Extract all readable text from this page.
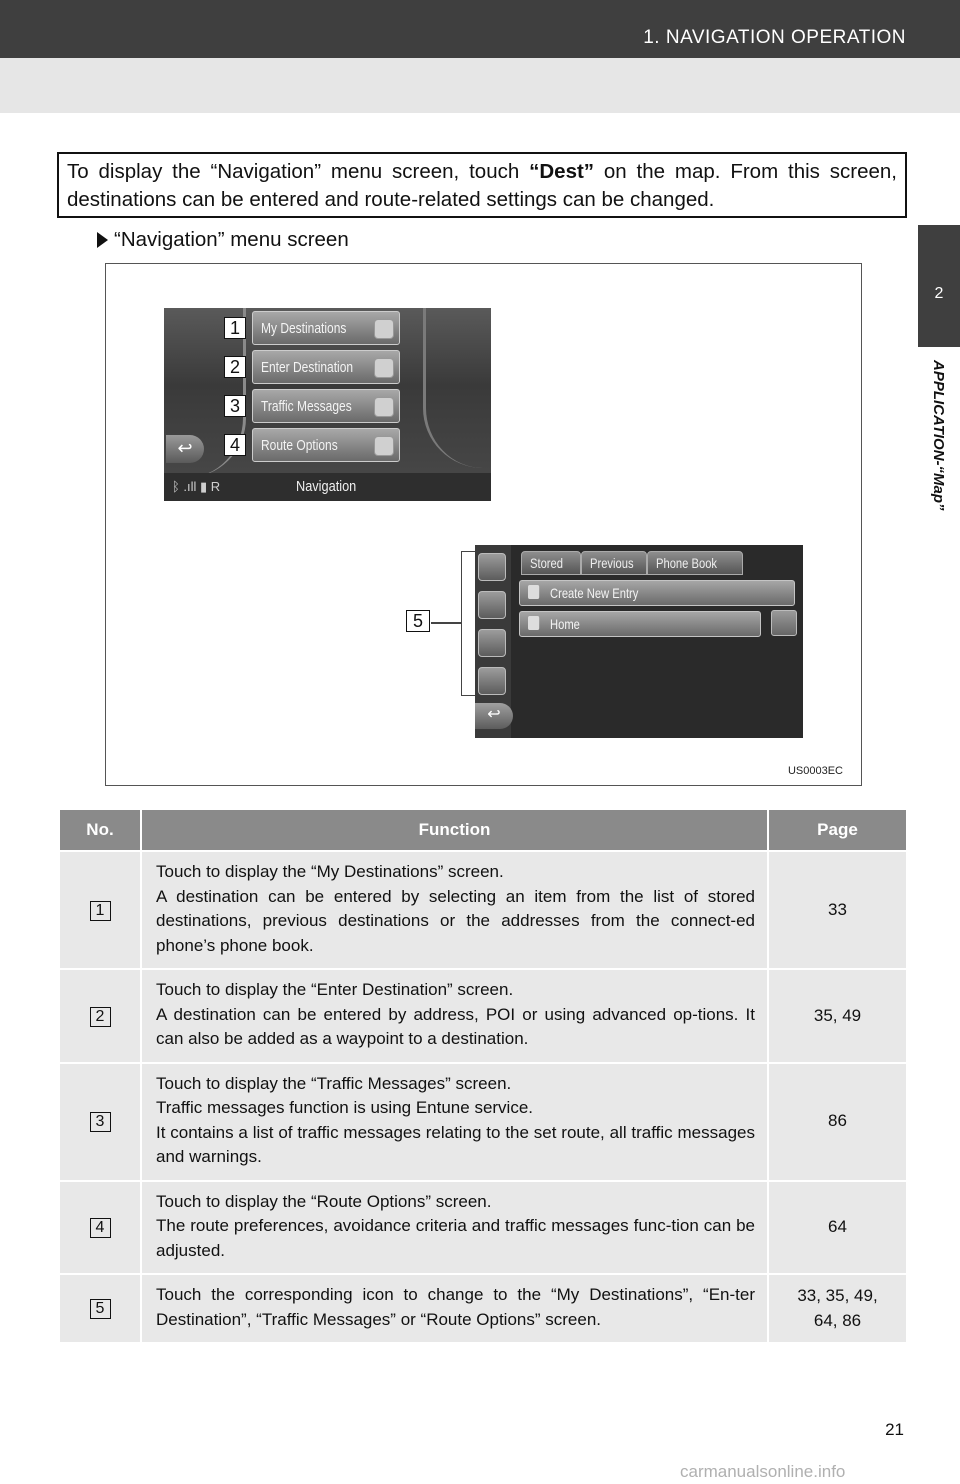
1. NAVIGATION OPERATION
2
APPLICATION-“Map”
To display the “Navigation” menu screen, touch “Dest” on the map. From this screen, destinations can be entered and route-related settings can be changed.
“Navigation” menu screen
1	My Destinations
2	Enter Destination
3	Traffic Messages
4	Route Options
↩
ᛒ .ıll ▮ R	Navigation
5
↩
Stored	Previous	Phone Book
Create New Entry
Home
US0003EC
No.	Function	Page
1	Touch to display the “My Destinations” screen.
A destination can be entered by selecting an item from the list of stored destinations, previous destinations or the addresses from the connect-ed phone’s phone book.	33
2	Touch to display the “Enter Destination” screen.
A destination can be entered by address, POI or using advanced op-tions. It can also be added as a waypoint to a destination.	35, 49
3	Touch to display the “Traffic Messages” screen.
Traffic messages function is using Entune service.
It contains a list of traffic messages relating to the set route, all traffic messages and warnings.	86
4	Touch to display the “Route Options” screen.
The route preferences, avoidance criteria and traffic messages func-tion can be adjusted.	64
5	Touch the corresponding icon to change to the “My Destinations”, “En-ter Destination”, “Traffic Messages” or “Route Options” screen.	33, 35, 49,
64, 86
21
carmanualsonline.info
